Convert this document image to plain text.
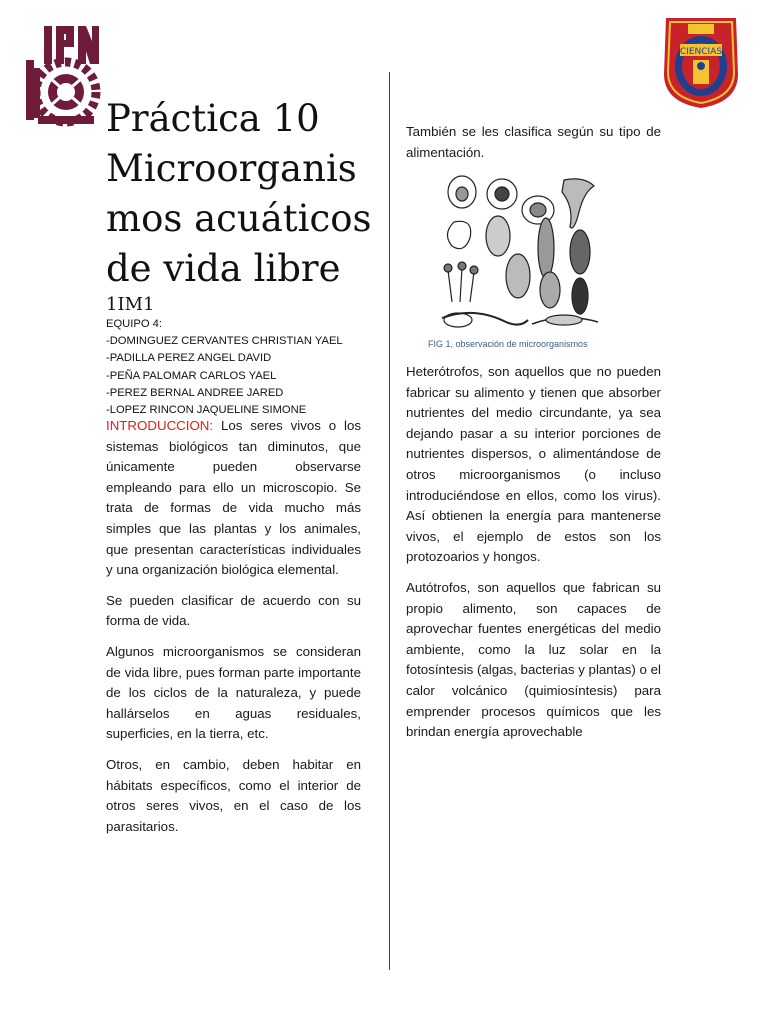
CIENCIAS
Práctica 10
Microorganis
mos acuáticos
de vida libre
1IM1
EQUIPO 4:
-DOMINGUEZ CERVANTES CHRISTIAN YAEL
-PADILLA PEREZ ANGEL DAVID
-PEÑA PALOMAR CARLOS YAEL
-PEREZ BERNAL ANDREE JARED
-LOPEZ RINCON JAQUELINE SIMONE

INTRODUCCION: Los seres vivos o los sistemas biológicos tan diminutos, que únicamente pueden observarse empleando para ello un microscopio. Se trata de formas de vida mucho más simples que las plantas y los animales, que presentan características individuales y una organización biológica elemental.

Se pueden clasificar de acuerdo con su forma de vida.

Algunos microorganismos se consideran de vida libre, pues forman parte importante de los ciclos de la naturaleza, y puede hallárselos en aguas residuales, superficies, en la tierra, etc.

Otros, en cambio, deben habitar en hábitats específicos, como el interior de otros seres vivos, en el caso de los parasitarios.

También se les clasifica según su tipo de alimentación.

FIG 1, observación de microorganismos

Heterótrofos, son aquellos que no pueden fabricar su alimento y tienen que absorber nutrientes del medio circundante, ya sea dejando pasar a su interior porciones de nutrientes dispersos, o alimentándose de otros microorganismos (o incluso introduciéndose en ellos, como los virus). Así obtienen la energía para mantenerse vivos, el ejemplo de estos son los protozoarios y hongos.

Autótrofos, son aquellos que fabrican su propio alimento, son capaces de aprovechar fuentes energéticas del medio ambiente, como la luz solar en la fotosíntesis (algas, bacterias y plantas) o el calor volcánico (quimiosíntesis) para emprender procesos químicos que les brindan energía aprovechable
